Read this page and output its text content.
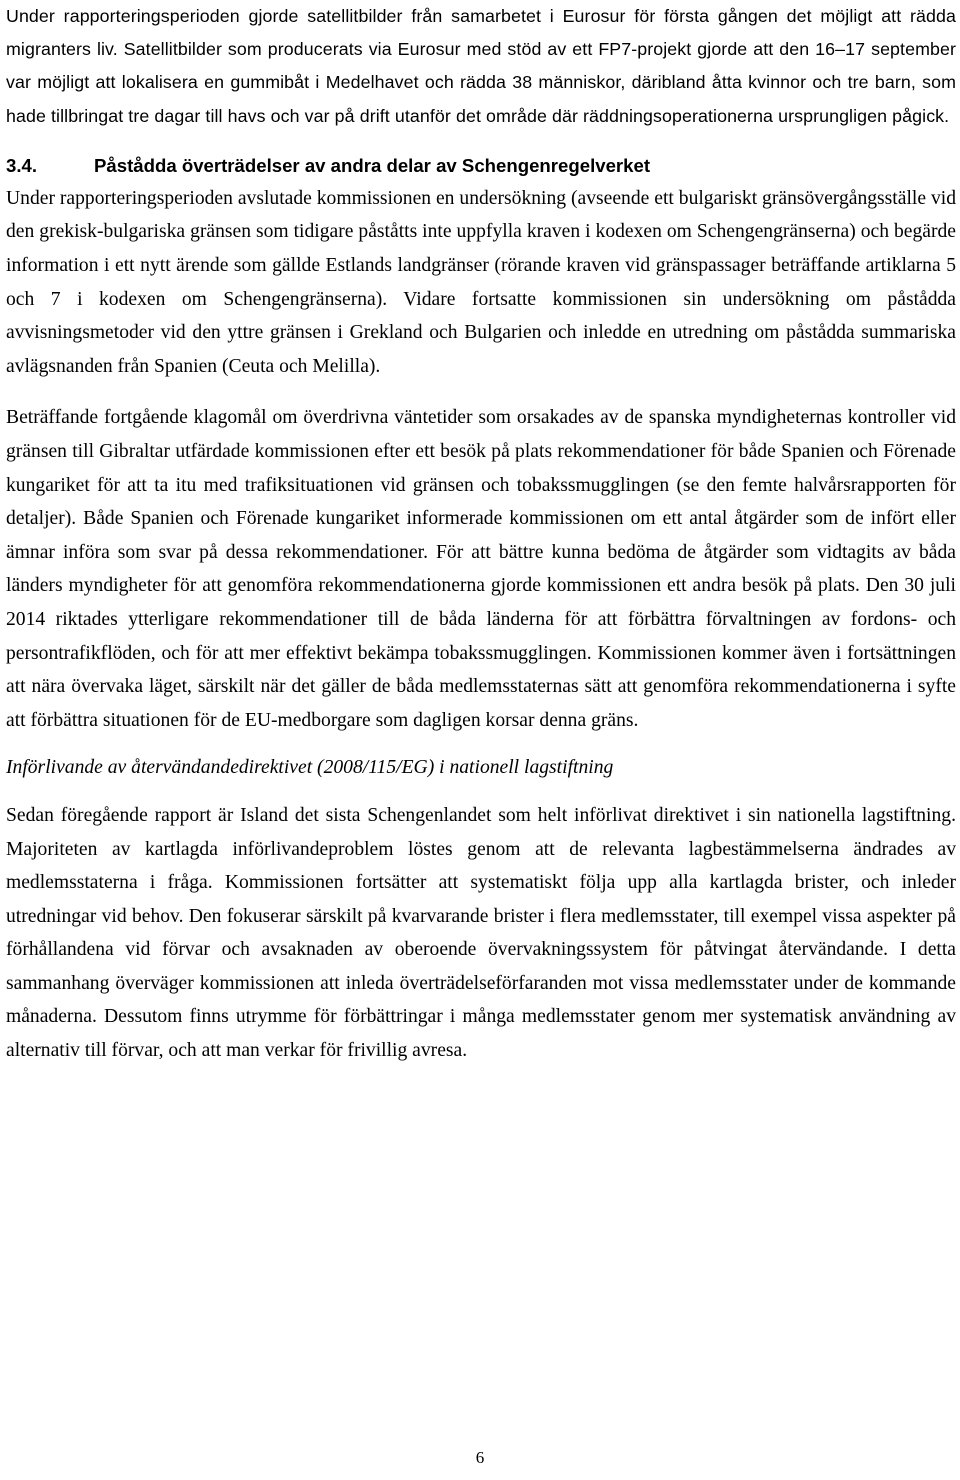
Under rapporteringsperioden gjorde satellitbilder från samarbetet i Eurosur för första gången det möjligt att rädda migranters liv. Satellitbilder som producerats via Eurosur med stöd av ett FP7-projekt gjorde att den 16–17 september var möjligt att lokalisera en gummibåt i Medelhavet och rädda 38 människor, däribland åtta kvinnor och tre barn, som hade tillbringat tre dagar till havs och var på drift utanför det område där räddningsoperationerna ursprungligen pågick.

3.4.	Påstådda överträdelser av andra delar av Schengenregelverket

Under rapporteringsperioden avslutade kommissionen en undersökning (avseende ett bulgariskt gränsövergångsställe vid den grekisk-bulgariska gränsen som tidigare påståtts inte uppfylla kraven i kodexen om Schengengränserna) och begärde information i ett nytt ärende som gällde Estlands landgränser (rörande kraven vid gränspassager beträffande artiklarna 5 och 7 i kodexen om Schengengränserna). Vidare fortsatte kommissionen sin undersökning om påstådda avvisningsmetoder vid den yttre gränsen i Grekland och Bulgarien och inledde en utredning om påstådda summariska avlägsnanden från Spanien (Ceuta och Melilla).

Beträffande fortgående klagomål om överdrivna väntetider som orsakades av de spanska myndigheternas kontroller vid gränsen till Gibraltar utfärdade kommissionen efter ett besök på plats rekommendationer för både Spanien och Förenade kungariket för att ta itu med trafiksituationen vid gränsen och tobakssmugglingen (se den femte halvårsrapporten för detaljer). Både Spanien och Förenade kungariket informerade kommissionen om ett antal åtgärder som de infört eller ämnar införa som svar på dessa rekommendationer. För att bättre kunna bedöma de åtgärder som vidtagits av båda länders myndigheter för att genomföra rekommendationerna gjorde kommissionen ett andra besök på plats. Den 30 juli 2014 riktades ytterligare rekommendationer till de båda länderna för att förbättra förvaltningen av fordons- och persontrafikflöden, och för att mer effektivt bekämpa tobakssmugglingen. Kommissionen kommer även i fortsättningen att nära övervaka läget, särskilt när det gäller de båda medlemsstaternas sätt att genomföra rekommendationerna i syfte att förbättra situationen för de EU-medborgare som dagligen korsar denna gräns.

Införlivande av återvändandedirektivet (2008/115/EG) i nationell lagstiftning

Sedan föregående rapport är Island det sista Schengenlandet som helt införlivat direktivet i sin nationella lagstiftning. Majoriteten av kartlagda införlivandeproblem löstes genom att de relevanta lagbestämmelserna ändrades av medlemsstaterna i fråga. Kommissionen fortsätter att systematiskt följa upp alla kartlagda brister, och inleder utredningar vid behov. Den fokuserar särskilt på kvarvarande brister i flera medlemsstater, till exempel vissa aspekter på förhållandena vid förvar och avsaknaden av oberoende övervakningssystem för påtvingat återvändande. I detta sammanhang överväger kommissionen att inleda överträdelseförfaranden mot vissa medlemsstater under de kommande månaderna. Dessutom finns utrymme för förbättringar i många medlemsstater genom mer systematisk användning av alternativ till förvar, och att man verkar för frivillig avresa.

6
